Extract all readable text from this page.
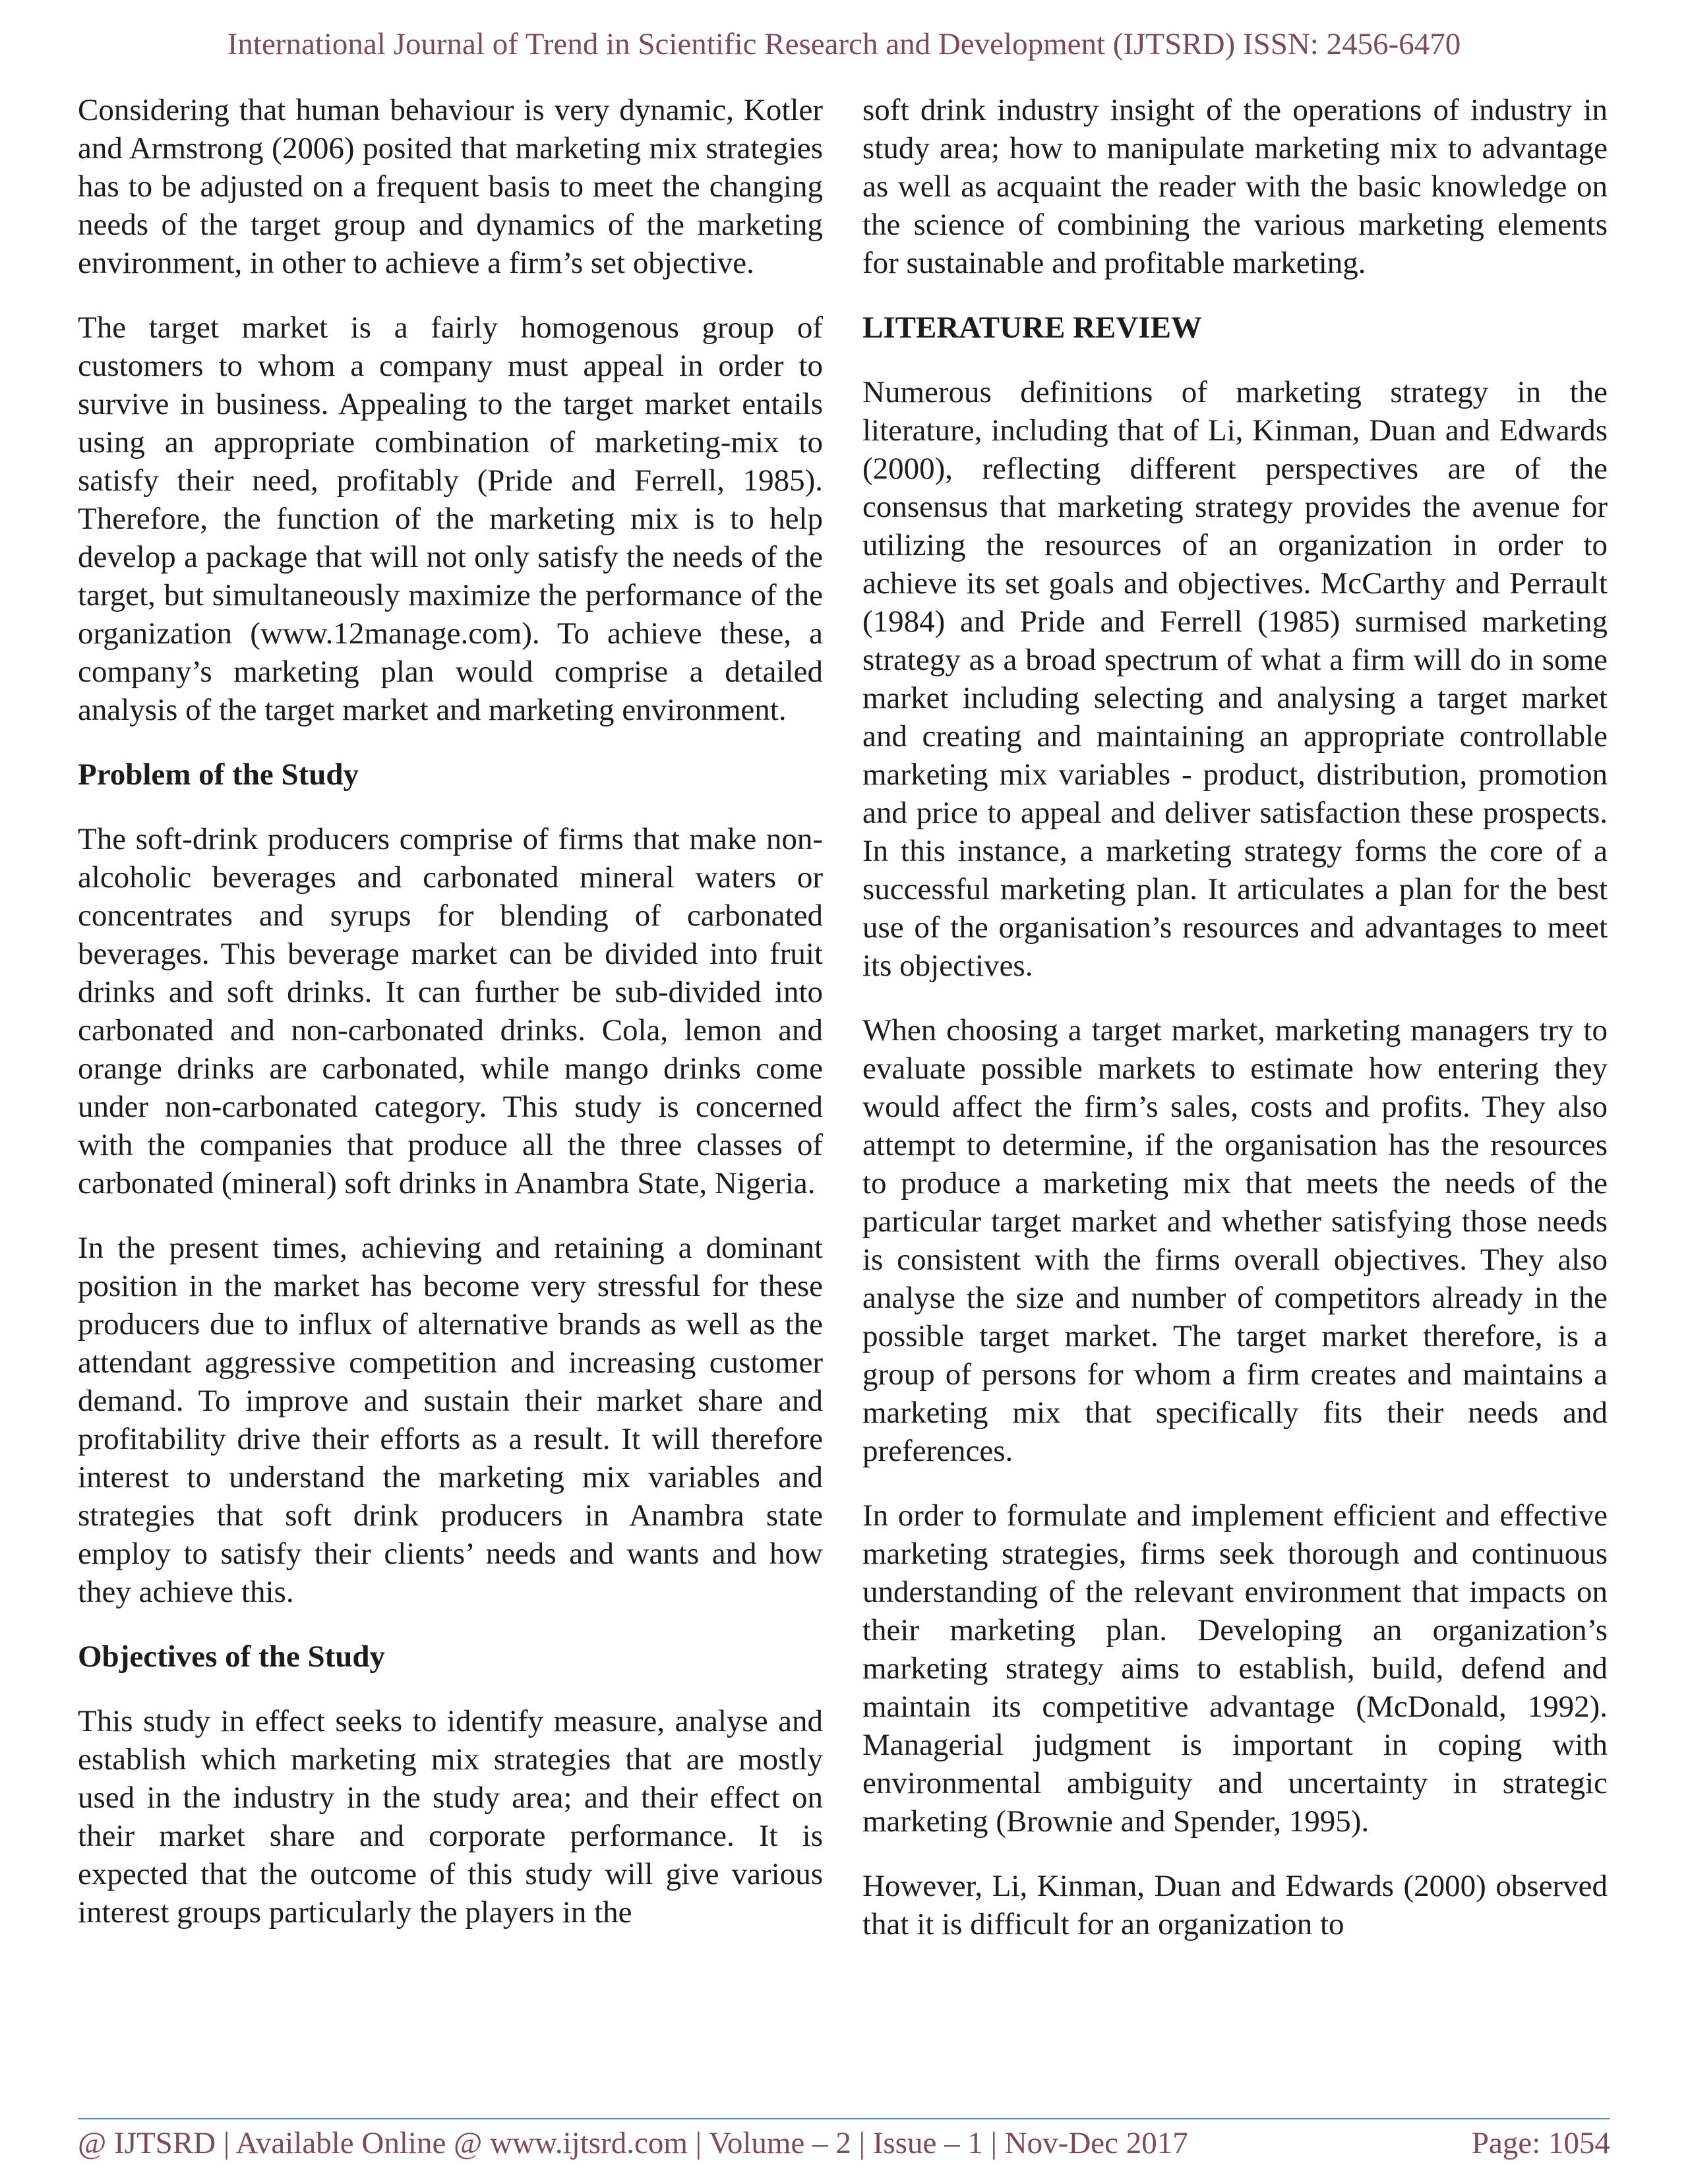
International Journal of Trend in Scientific Research and Development (IJTSRD) ISSN: 2456-6470

Considering that human behaviour is very dynamic, Kotler and Armstrong (2006) posited that marketing mix strategies has to be adjusted on a frequent basis to meet the changing needs of the target group and dynamics of the marketing environment, in other to achieve a firm’s set objective.

The target market is a fairly homogenous group of customers to whom a company must appeal in order to survive in business. Appealing to the target market entails using an appropriate combination of marketing-mix to satisfy their need, profitably (Pride and Ferrell, 1985). Therefore, the function of the marketing mix is to help develop a package that will not only satisfy the needs of the target, but simultaneously maximize the performance of the organization (www.12manage.com). To achieve these, a company’s marketing plan would comprise a detailed analysis of the target market and marketing environment.

Problem of the Study

The soft-drink producers comprise of firms that make non-alcoholic beverages and carbonated mineral waters or concentrates and syrups for blending of carbonated beverages. This beverage market can be divided into fruit drinks and soft drinks. It can further be sub-divided into carbonated and non-carbonated drinks. Cola, lemon and orange drinks are carbonated, while mango drinks come under non-carbonated category. This study is concerned with the companies that produce all the three classes of carbonated (mineral) soft drinks in Anambra State, Nigeria.

In the present times, achieving and retaining a dominant position in the market has become very stressful for these producers due to influx of alternative brands as well as the attendant aggressive competition and increasing customer demand. To improve and sustain their market share and profitability drive their efforts as a result. It will therefore interest to understand the marketing mix variables and strategies that soft drink producers in Anambra state employ to satisfy their clients’ needs and wants and how they achieve this.

Objectives of the Study

This study in effect seeks to identify measure, analyse and establish which marketing mix strategies that are mostly used in the industry in the study area; and their effect on their market share and corporate performance. It is expected that the outcome of this study will give various interest groups particularly the players in the

soft drink industry insight of the operations of industry in study area; how to manipulate marketing mix to advantage as well as acquaint the reader with the basic knowledge on the science of combining the various marketing elements for sustainable and profitable marketing.

LITERATURE REVIEW

Numerous definitions of marketing strategy in the literature, including that of Li, Kinman, Duan and Edwards (2000), reflecting different perspectives are of the consensus that marketing strategy provides the avenue for utilizing the resources of an organization in order to achieve its set goals and objectives. McCarthy and Perrault (1984) and Pride and Ferrell (1985) surmised marketing strategy as a broad spectrum of what a firm will do in some market including selecting and analysing a target market and creating and maintaining an appropriate controllable marketing mix variables - product, distribution, promotion and price to appeal and deliver satisfaction these prospects. In this instance, a marketing strategy forms the core of a successful marketing plan. It articulates a plan for the best use of the organisation’s resources and advantages to meet its objectives.

When choosing a target market, marketing managers try to evaluate possible markets to estimate how entering they would affect the firm’s sales, costs and profits. They also attempt to determine, if the organisation has the resources to produce a marketing mix that meets the needs of the particular target market and whether satisfying those needs is consistent with the firms overall objectives. They also analyse the size and number of competitors already in the possible target market. The target market therefore, is a group of persons for whom a firm creates and maintains a marketing mix that specifically fits their needs and preferences.

In order to formulate and implement efficient and effective marketing strategies, firms seek thorough and continuous understanding of the relevant environment that impacts on their marketing plan. Developing an organization’s marketing strategy aims to establish, build, defend and maintain its competitive advantage (McDonald, 1992). Managerial judgment is important in coping with environmental ambiguity and uncertainty in strategic marketing (Brownie and Spender, 1995).

However, Li, Kinman, Duan and Edwards (2000) observed that it is difficult for an organization to

@ IJTSRD | Available Online @ www.ijtsrd.com | Volume – 2 | Issue – 1 | Nov-Dec 2017	Page: 1054
